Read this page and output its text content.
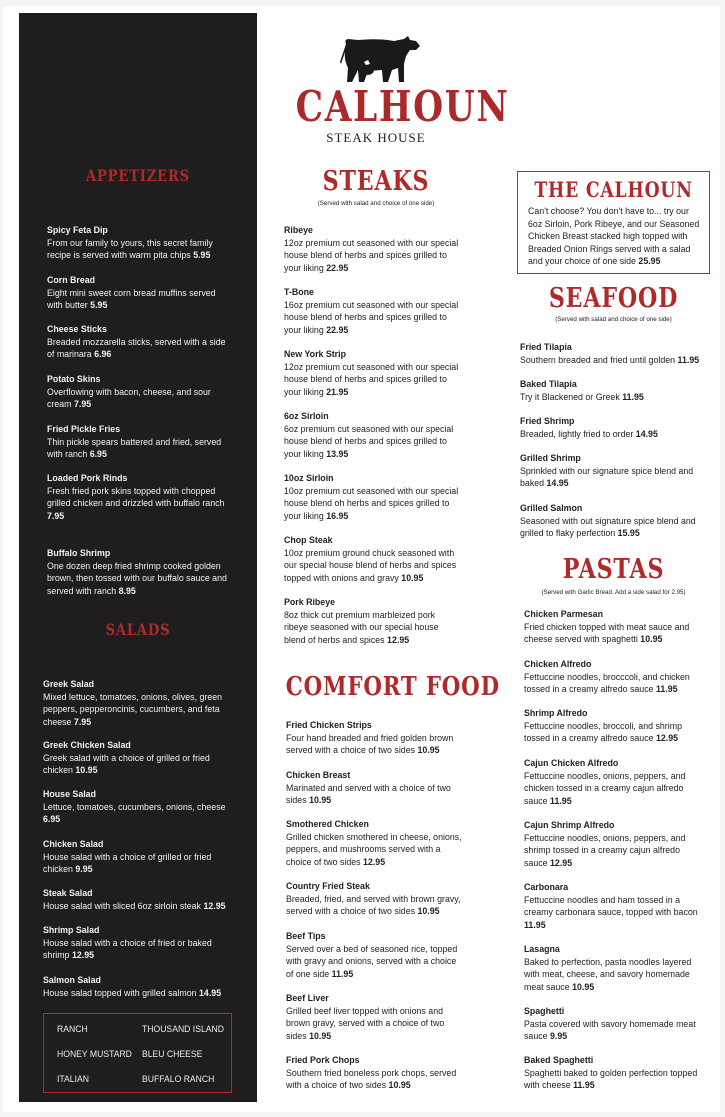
APPETIZERS
Spicy Feta Dip
From our family to yours, this secret family recipe is served with warm pita chips 5.95
Corn Bread
Eight mini sweet corn bread muffins served with butter 5.95
Cheese Sticks
Breaded mozzarella sticks, served with a side of marinara 6.96
Potato Skins
Overflowing with bacon, cheese, and sour cream 7.95
Fried Pickle Fries
Thin pickle spears battered and fried, served with ranch 6.95
Loaded Pork Rinds
Fresh fried pork skins topped with chopped grilled chicken and drizzled with buffalo ranch 7.95
Buffalo Shrimp
One dozen deep fried shrimp cooked golden brown, then tossed with our buffalo sauce and served with ranch 8.95
SALADS
Greek Salad
Mixed lettuce, tomatoes, onions, olives, green peppers, pepperoncinis, cucumbers, and feta cheese 7.95
Greek Chicken Salad
Greek salad with a choice of grilled or fried chicken 10.95
House Salad
Lettuce, tomatoes, cucumbers, onions, cheese 6.95
Chicken Salad
House salad with a choice of grilled or fried chicken 9.95
Steak Salad
House salad with sliced 6oz sirloin steak 12.95
Shrimp Salad
House salad with a choice of fried or baked shrimp 12.95
Salmon Salad
House salad topped with grilled salmon 14.95
RANCH	THOUSAND ISLAND
HONEY MUSTARD BLEU CHEESE
ITALIAN	BUFFALO RANCH
CALHOUN
STEAK HOUSE
STEAKS
(Served with salad and choice of one side)
Ribeye
12oz premium cut seasoned with our special house blend of herbs and spices grilled to your liking 22.95
T-Bone
16oz premium cut seasoned with our special house blend of herbs and spices grilled to your liking 22.95
New York Strip
12oz premium cut seasoned with our special house blend of herbs and spices grilled to your liking 21.95
6oz Sirloin
6oz premium cut seasoned with our special house blend of herbs and spices grilled to your liking 13.95
10oz Sirloin
10oz premium cut seasoned with our special house blend oh herbs and spices grilled to your liking 16.95
Chop Steak
10oz premium ground chuck seasoned with our special house blend of herbs and spices topped with onions and gravy 10.95
Pork Ribeye
8oz thick cut premium marbleized pork ribeye seasoned with our special house blend of herbs and spices 12.95
COMFORT FOOD
Fried Chicken Strips
Four hand breaded and fried golden brown served with a choice of two sides 10.95
Chicken Breast
Marinated and served with a choice of two sides 10.95
Smothered Chicken
Grilled chicken smothered in cheese, onions, peppers, and mushrooms served with a choice of two sides 12.95
Country Fried Steak
Breaded, fried, and served with brown gravy, served with a choice of two sides 10.95
Beef Tips
Served over a bed of seasoned rice, topped with gravy and onions, served with a choice of one side 11.95
Beef Liver
Grilled beef liver topped with onions and brown gravy, served with a choice of two sides 10.95
Fried Pork Chops
Southern fried boneless pork chops, served with a choice of two sides 10.95
THE CALHOUN
Can't choose? You don't have to... try our 6oz Sirloin, Pork Ribeye, and our Seasoned Chicken Breast stacked high topped with Breaded Onion Rings served with a salad and your choice of one side 25.95
SEAFOOD
(Served with salad and choice of one side)
Fried Tilapia
Southern breaded and fried until golden 11.95
Baked Tilapia
Try it Blackened or Greek 11.95
Fried Shrimp
Breaded, lightly fried to order 14.95
Grilled Shrimp
Sprinkled with our signature spice blend and baked 14.95
Grilled Salmon
Seasoned with out signature spice blend and grilled to flaky perfection 15.95
PASTAS
(Served with Garlic Bread. Add a side salad for 2.95)
Chicken Parmesan
Fried chicken topped with meat sauce and cheese served with spaghetti 10.95
Chicken Alfredo
Fettuccine noodles, brocccoli, and chicken tossed in a creamy alfredo sauce 11.95
Shrimp Alfredo
Fettuccine noodles, broccoli, and shrimp tossed in a creamy alfredo sauce 12.95
Cajun Chicken Alfredo
Fettuccine noodles, onions, peppers, and chicken tossed in a creamy cajun alfredo sauce 11.95
Cajun Shrimp Alfredo
Fettuccine noodles, onions, peppers, and shrimp tossed in a creamy cajun alfredo sauce 12.95
Carbonara
Fettuccine noodles and ham tossed in a creamy carbonara sauce, topped with bacon 11.95
Lasagna
Baked to perfection, pasta noodles layered with meat, cheese, and savory homemade meat sauce 10.95
Spaghetti
Pasta covered with savory homemade meat sauce 9.95
Baked Spaghetti
Spaghetti baked to golden perfection topped with cheese 11.95
